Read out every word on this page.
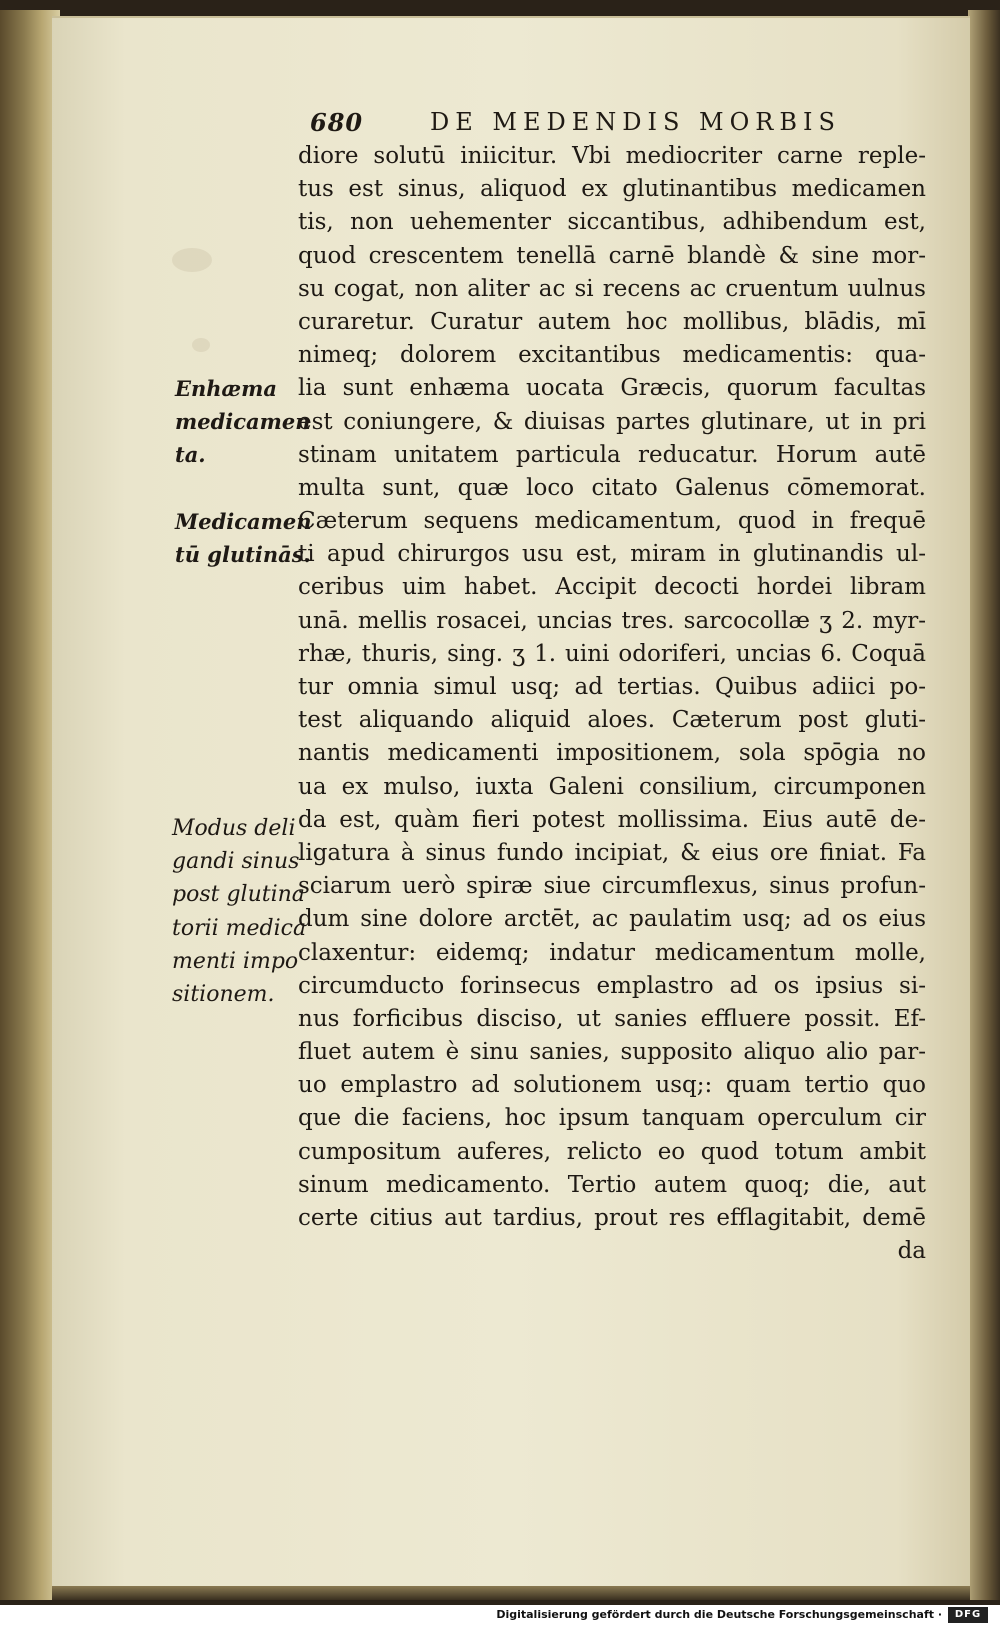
680	DE MEDENDIS MORBIS
diore solutū iniicitur. Vbi mediocriter carne reple-
tus est sinus, aliquod ex glutinantibus medicamen
tis, non uehementer siccantibus, adhibendum est,
quod crescentem tenellā carnē blandè & sine mor-
su cogat, non aliter ac si recens ac cruentum uulnus
curaretur. Curatur autem hoc mollibus, blādis, mī
nimeq; dolorem excitantibus medicamentis: qua-
lia sunt enhæma uocata Græcis, quorum facultas
est coniungere, & diuisas partes glutinare, ut in pri
stinam unitatem particula reducatur. Horum autē
multa sunt, quæ loco citato Galenus cōmemorat.
Cæterum sequens medicamentum, quod in frequē
ti apud chirurgos usu est, miram in glutinandis ul-
ceribus uim habet. Accipit decocti hordei libram
unā. mellis rosacei, uncias tres. sarcocollæ ʒ 2. myr-
rhæ, thuris, sing. ʒ 1. uini odoriferi, uncias 6. Coquā
tur omnia simul usq; ad tertias. Quibus adiici po-
test aliquando aliquid aloes. Cæterum post gluti-
nantis medicamenti impositionem, sola spōgia no
ua ex mulso, iuxta Galeni consilium, circumponen
da est, quàm fieri potest mollissima. Eius autē de-
ligatura à sinus fundo incipiat, & eius ore finiat. Fa
sciarum uerò spiræ siue circumflexus, sinus profun-
dum sine dolore arctēt, ac paulatim usq; ad os eius
claxentur: eidemq; indatur medicamentum molle,
circumducto forinsecus emplastro ad os ipsius si-
nus forficibus disciso, ut sanies effluere possit. Ef-
fluet autem è sinu sanies, supposito aliquo alio par-
uo emplastro ad solutionem usq;: quam tertio quo
que die faciens, hoc ipsum tanquam operculum cir
cumpositum auferes, relicto eo quod totum ambit
sinum medicamento. Tertio autem quoq; die, aut
certe citius aut tardius, prout res efflagitabit, demē
da
Enhæma
medicamen
ta.
Medicamen
tū glutinās.
Modus deli
gandi sinus
post glutina
torii medica
menti impo
sitionem.
Digitalisierung gefördert durch die Deutsche Forschungsgemeinschaft ·	DFG
